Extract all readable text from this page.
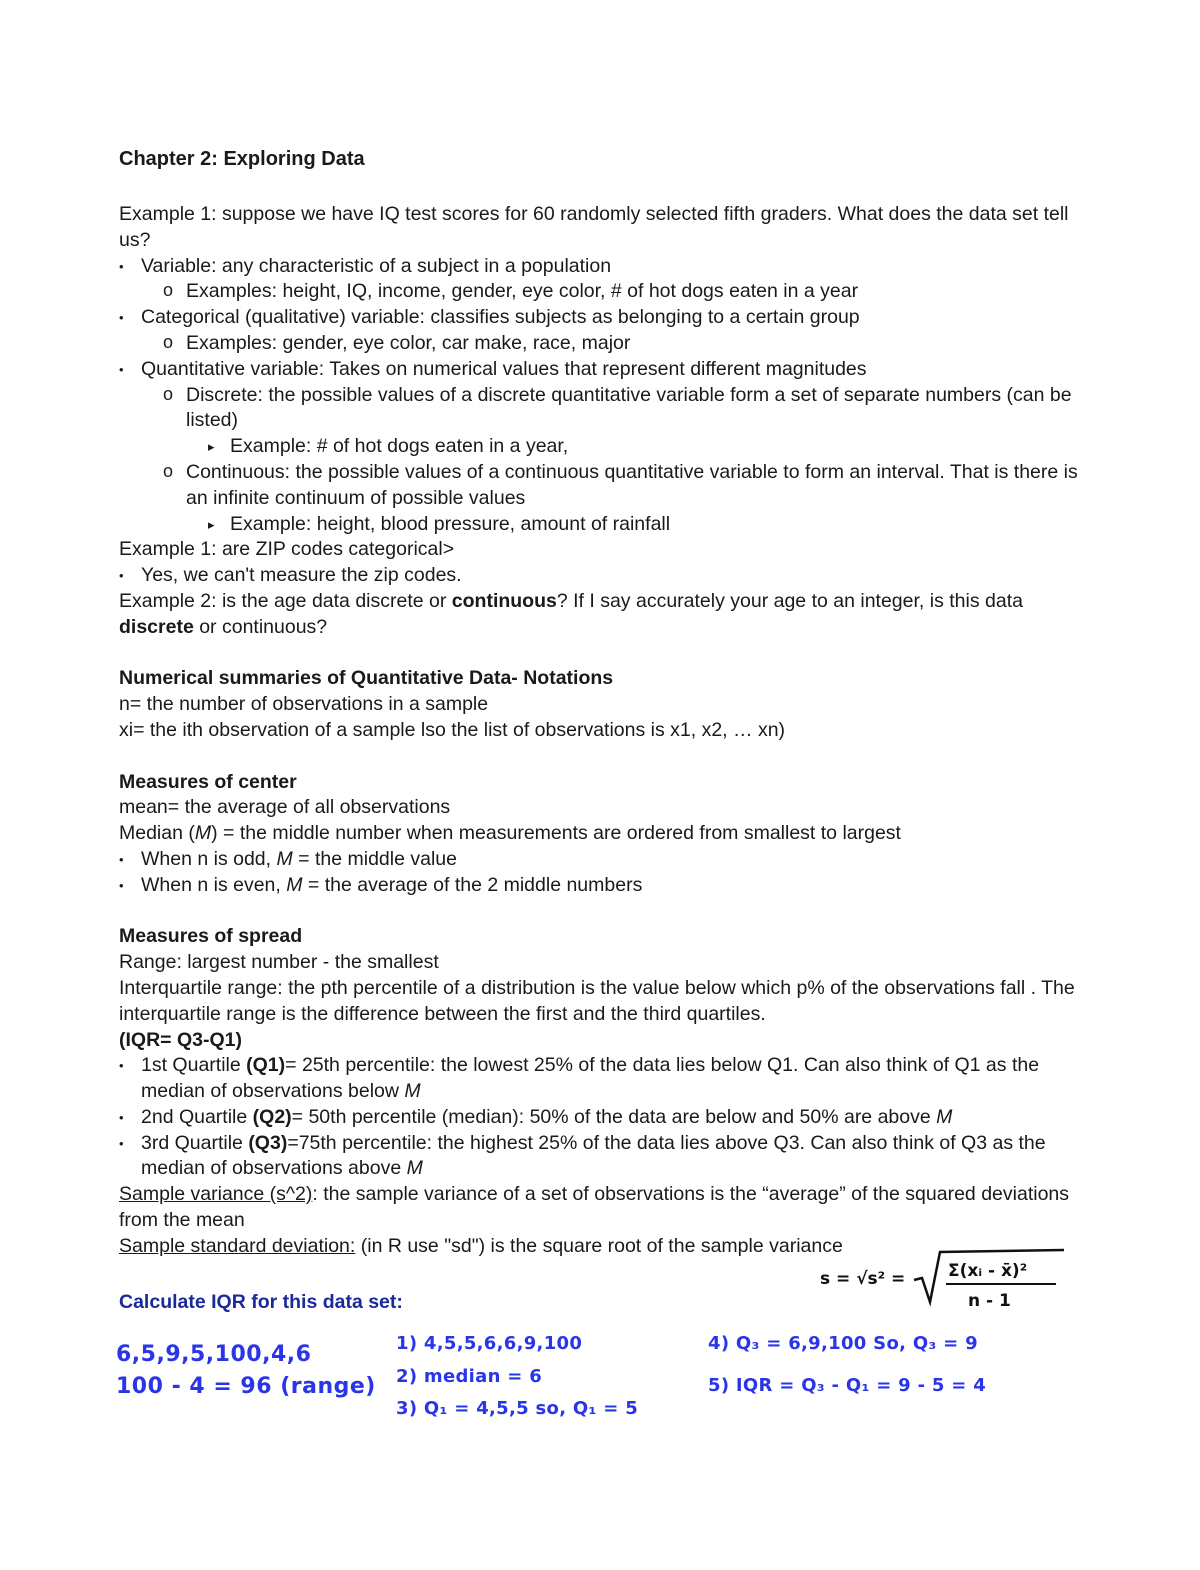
Chapter 2: Exploring Data

Example 1: suppose we have IQ test scores for 60 randomly selected fifth graders. What does the data set tell us?

• Variable: any characteristic of a subject in a population
o Examples: height, IQ, income, gender, eye color, # of hot dogs eaten in a year
• Categorical (qualitative) variable: classifies subjects as belonging to a certain group
o Examples: gender, eye color, car make, race, major
• Quantitative variable: Takes on numerical values that represent different magnitudes
o Discrete: the possible values of a discrete quantitative variable form a set of separate numbers (can be listed)
▸ Example: # of hot dogs eaten in a year,
o Continuous: the possible values of a continuous quantitative variable to form an interval. That is there is an infinite continuum of possible values
▸ Example: height, blood pressure, amount of rainfall

Example 1: are ZIP codes categorical>

• Yes, we can't measure the zip codes.

Example 2: is the age data discrete or continuous? If I say accurately your age to an integer, is this data discrete or continuous?

Numerical summaries of Quantitative Data- Notations

n= the number of observations in a sample

xi= the ith observation of a sample lso the list of observations is x1, x2, … xn)

Measures of center

mean= the average of all observations

Median (M) = the middle number when measurements are ordered from smallest to largest

• When n is odd, M = the middle value
• When n is even, M = the average of the 2 middle numbers

Measures of spread

Range: largest number - the smallest

Interquartile range: the pth percentile of a distribution is the value below which p% of the observations fall . The interquartile range is the difference between the first and the third quartiles.

(IQR= Q3-Q1)

• 1st Quartile (Q1)= 25th percentile: the lowest 25% of the data lies below Q1. Can also think of Q1 as the median of observations below M
• 2nd Quartile (Q2)= 50th percentile (median): 50% of the data are below and 50% are above M
• 3rd Quartile (Q3)=75th percentile: the highest 25% of the data lies above Q3. Can also think of Q3 as the median of observations above M

Sample variance (s^2): the sample variance of a set of observations is the “average” of the squared deviations from the mean

Sample standard deviation: (in R use "sd") is the square root of the sample variance

s = √s² =	Σ(xᵢ - x̄)²
n - 1

Calculate IQR for this data set:

6,5,9,5,100,4,6
100 - 4 = 96 (range)
1) 4,5,5,6,6,9,100
2) median = 6
3) Q₁ = 4,5,5 so, Q₁ = 5
4) Q₃ = 6,9,100 So, Q₃ = 9
5) IQR = Q₃ - Q₁ = 9 - 5 = 4
